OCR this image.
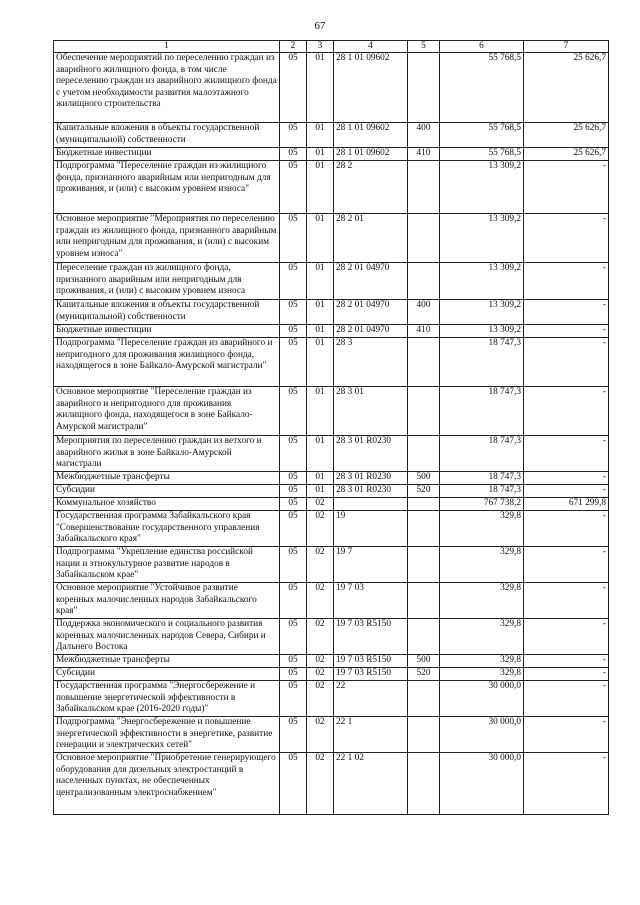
67
1	2	3	4	5	6	7
Обеспечение мероприятий по переселению граждан из аварийного жилищного фонда, в том числе переселению граждан из аварийного жилищного фонда с учетом необходимости развития малоэтажного жилищного строительства	05	01	28 1 01 09602		55 768,5	25 626,7
Капитальные вложения в объекты государственной (муниципальной) собственности	05	01	28 1 01 09602	400	55 768,5	25 626,7
Бюджетные инвестиции	05	01	28 1 01 09602	410	55 768,5	25 626,7
Подпрограмма "Переселение граждан из жилищного фонда, признанного аварийным или непригодным для проживания, и (или) с высоким уровнем износа"	05	01	28 2		13 309,2	-
Основное мероприятие "Мероприятия по переселению граждан из жилищного фонда, признанного аварийным или непригодным для проживания, и (или) с высоким уровнем износа"	05	01	28 2 01		13 309,2	-
Переселение граждан из жилищного фонда, признанного аварийным или непригодным для проживания, и (или) с высоким уровнем износа	05	01	28 2 01 04970		13 309,2	-
Капитальные вложения в объекты государственной (муниципальной) собственности	05	01	28 2 01 04970	400	13 309,2	-
Бюджетные инвестиции	05	01	28 2 01 04970	410	13 309,2	-
Подпрограмма "Переселение граждан из аварийного и непригодного для проживания жилищного фонда, находящегося в зоне Байкало-Амурской магистрали"	05	01	28 3		18 747,3	-
Основное мероприятие "Переселение граждан из аварийного и непригодного для проживания жилищного фонда, находящегося в зоне Байкало-Амурской магистрали"	05	01	28 3 01		18 747,3	-
Мероприятия по переселению граждан из ветхого и аварийного жилья в зоне Байкало-Амурской магистрали	05	01	28 3 01 R0230		18 747,3	-
Межбюджетные трансферты	05	01	28 3 01 R0230	500	18 747,3	-
Субсидии	05	01	28 3 01 R0230	520	18 747,3	-
Коммунальное хозяйство	05	02			767 738,2	671 299,8
Государственная программа Забайкальского края "Совершенствование государственного управления Забайкальского края"	05	02	19		329,8	-
Подпрограмма "Укрепление единства российской нации и этнокультурное развитие народов в Забайкальском крае"	05	02	19 7		329,8	-
Основное мероприятие "Устойчивое развитие коренных малочисленных народов Забайкальского края"	05	02	19 7 03		329,8	-
Поддержка экономического и социального развития коренных малочисленных народов Севера, Сибири и Дальнего Востока	05	02	19 7 03 R5150		329,8	-
Межбюджетные трансферты	05	02	19 7 03 R5150	500	329,8	-
Субсидии	05	02	19 7 03 R5150	520	329,8	-
Государственная программа "Энергосбережение и повышение энергетической эффективности в Забайкальском крае (2016-2020 годы)"	05	02	22		30 000,0	-
Подпрограмма "Энергосбережение и повышение энергетической эффективности в энергетике, развитие генерации и электрических сетей"	05	02	22 1		30 000,0	-
Основное мероприятие "Приобретение генерирующего оборудования для дизельных электростанций в населенных пунктах, не обеспеченных централизованным электроснабжением"	05	02	22 1 02		30 000,0	-
